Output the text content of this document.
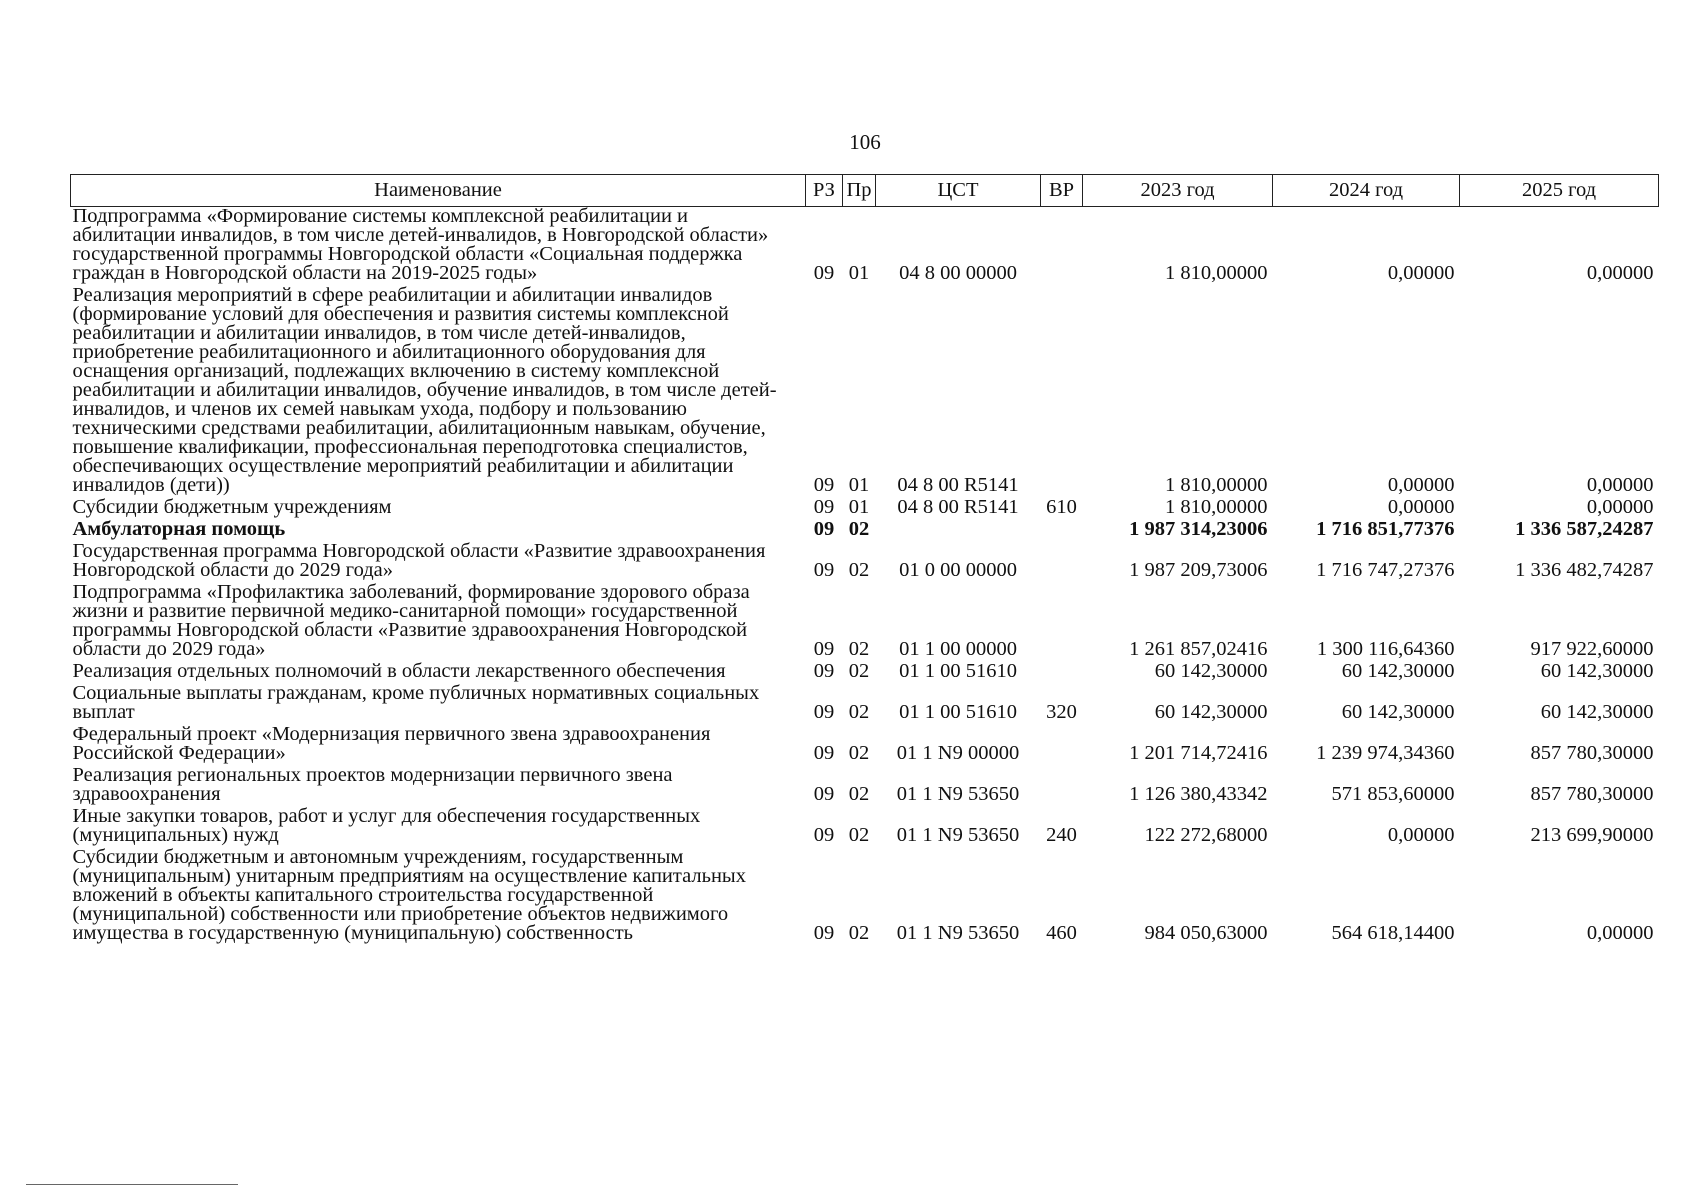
106
Наименование	РЗ	Пр	ЦСТ	ВР	2023 год	2024 год	2025 год
Подпрограмма «Формирование системы комплексной реабилитации и абилитации инвалидов, в том числе детей-инвалидов, в Новгородской области» государственной программы Новгородской области «Социальная поддержка граждан в Новгородской области на 2019-2025 годы»	09	01	04 8 00 00000		1 810,00000	0,00000	0,00000
Реализация мероприятий в сфере реабилитации и абилитации инвалидов (формирование условий для обеспечения и развития системы комплексной реабилитации и абилитации инвалидов, в том числе детей-инвалидов, приобретение реабилитационного и абилитационного оборудования для оснащения организаций, подлежащих включению в систему комплексной реабилитации и абилитации инвалидов, обучение инвалидов, в том числе детей-инвалидов, и членов их семей навыкам ухода, подбору и пользованию техническими средствами реабилитации, абилитационным навыкам, обучение, повышение квалификации, профессиональная переподготовка специалистов, обеспечивающих осуществление мероприятий реабилитации и абилитации инвалидов (дети))	09	01	04 8 00 R5141		1 810,00000	0,00000	0,00000
Субсидии бюджетным учреждениям	09	01	04 8 00 R5141	610	1 810,00000	0,00000	0,00000
Амбулаторная помощь	09	02			1 987 314,23006	1 716 851,77376	1 336 587,24287
Государственная программа Новгородской области «Развитие здравоохранения Новгородской области до 2029 года»	09	02	01 0 00 00000		1 987 209,73006	1 716 747,27376	1 336 482,74287
Подпрограмма «Профилактика заболеваний, формирование здорового образа жизни и развитие первичной медико-санитарной помощи» государственной программы Новгородской области «Развитие здравоохранения Новгородской области до 2029 года»	09	02	01 1 00 00000		1 261 857,02416	1 300 116,64360	917 922,60000
Реализация отдельных полномочий в области лекарственного обеспечения	09	02	01 1 00 51610		60 142,30000	60 142,30000	60 142,30000
Социальные выплаты гражданам, кроме публичных нормативных социальных выплат	09	02	01 1 00 51610	320	60 142,30000	60 142,30000	60 142,30000
Федеральный проект «Модернизация первичного звена здравоохранения Российской Федерации»	09	02	01 1 N9 00000		1 201 714,72416	1 239 974,34360	857 780,30000
Реализация региональных проектов модернизации первичного звена здравоохранения	09	02	01 1 N9 53650		1 126 380,43342	571 853,60000	857 780,30000
Иные закупки товаров, работ и услуг для обеспечения государственных (муниципальных) нужд	09	02	01 1 N9 53650	240	122 272,68000	0,00000	213 699,90000
Субсидии бюджетным и автономным учреждениям, государственным (муниципальным) унитарным предприятиям на осуществление капитальных вложений в объекты капитального строительства государственной (муниципальной) собственности или приобретение объектов недвижимого имущества в государственную (муниципальную) собственность	09	02	01 1 N9 53650	460	984 050,63000	564 618,14400	0,00000
